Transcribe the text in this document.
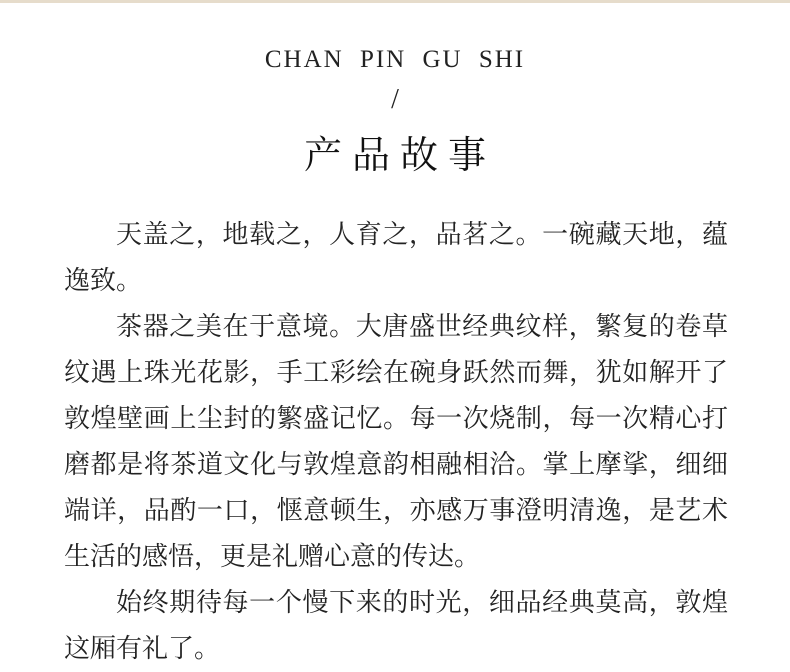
CHAN PIN GU SHI
/
产品故事

天盖之，地载之，人育之，品茗之。一碗藏天地，蕴逸致。

茶器之美在于意境。大唐盛世经典纹样，繁复的卷草纹遇上珠光花影，手工彩绘在碗身跃然而舞，犹如解开了敦煌壁画上尘封的繁盛记忆。每一次烧制，每一次精心打磨都是将茶道文化与敦煌意韵相融相洽。掌上摩挲，细细端详，品酌一口，惬意顿生，亦感万事澄明清逸，是艺术生活的感悟，更是礼赠心意的传达。

始终期待每一个慢下来的时光，细品经典莫高，敦煌这厢有礼了。
